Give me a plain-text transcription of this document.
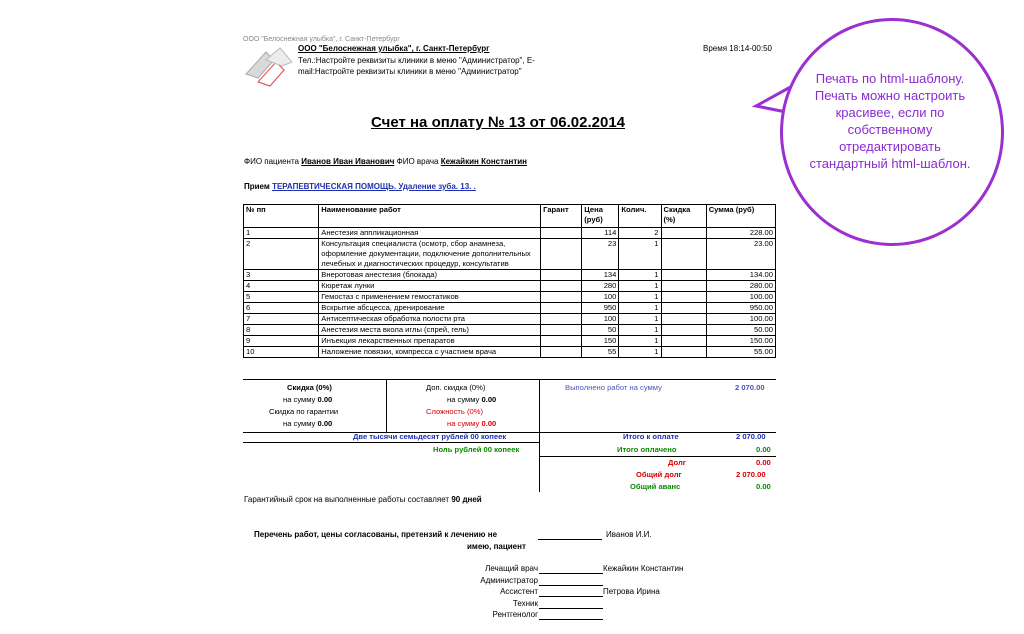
ООО "Белоснежная улыбка", г. Санкт-Петербург
ООО "Белоснежная улыбка", г. Санкт-Петербург
Тел.:Настройте реквизиты клиники в меню "Администратор", E-
mail:Настройте реквизиты клиники в меню "Администратор"
Время 18:14-00:50
Счет на оплату № 13 от 06.02.2014
ФИО пациента Иванов Иван Иванович ФИО врача Кежайкин Константин
Прием ТЕРАПЕВТИЧЕСКАЯ ПОМОЩЬ. Удаление зуба. 13. .
№ пп	Наименование работ	Гарант	Цена (руб)	Колич.	Скидка (%)	Сумма (руб)
1	Анестезия аппликационная		114	2		228.00
2	Консультация специалиста (осмотр, сбор анамнеза, оформление документации, подключение дополнительных лечебных и диагностических процедур, консультатив		23	1		23.00
3	Внеротовая анестезия (блокада)		134	1		134.00
4	Кюретаж лунки		280	1		280.00
5	Гемостаз с применением гемостатиков		100	1		100.00
6	Вскрытие абсцесса, дренирование		950	1		950.00
7	Антисептическая обработка полости рта		100	1		100.00
8	Анестезия места вкола иглы (спрей, гель)		50	1		50.00
9	Инъекция лекарственных препаратов		150	1		150.00
10	Наложение повязки, компресса с участием врача		55	1		55.00
Скидка (0%)
на сумму 0.00
Скидка по гарантии
на сумму 0.00
Доп. скидка (0%)
на сумму 0.00
Сложность (0%)
на сумму 0.00
Выполнено работ на сумму	2 070.00
Две тысячи семьдесят рублей 00 копеек
Ноль рублей 00 копеек
Итого к оплате	2 070.00
Итого оплачено	0.00
Долг	0.00
Общий долг	2 070.00
Общий аванс	0.00
Гарантийный срок на выполненные работы составляет 90 дней
Перечень работ, цены согласованы, претензий к лечению не	Иванов И.И.
имею, пациент
Лечащий врач	Кежайкин Константин
Администратор
Ассистент	Петрова Ирина
Техник
Рентгенолог
Печать по html-шаблону. Печать можно настроить красивее, если по собственному отредактировать стандартный html-шаблон.
